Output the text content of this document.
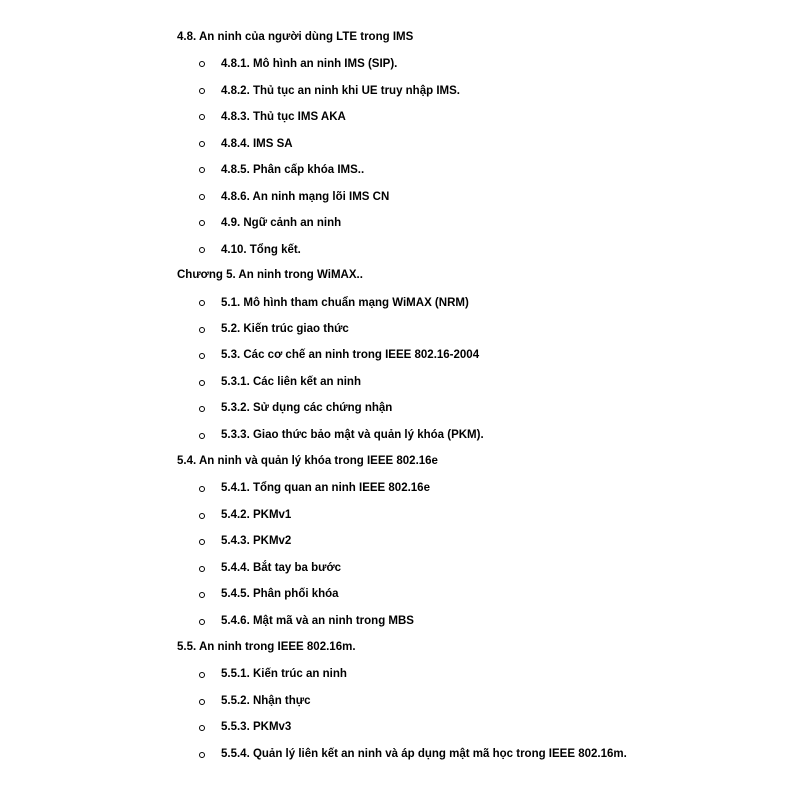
4.8. An ninh của người dùng LTE trong IMS
4.8.1. Mô hình an ninh IMS (SIP).
4.8.2. Thủ tục an ninh khi UE truy nhập IMS.
4.8.3. Thủ tục IMS AKA
4.8.4. IMS SA
4.8.5. Phân cấp khóa IMS..
4.8.6. An ninh mạng lõi IMS CN
4.9. Ngữ cảnh an ninh
4.10. Tổng kết.
Chương 5. An ninh trong WiMAX..
5.1. Mô hình tham chuẩn mạng WiMAX (NRM)
5.2. Kiến trúc giao thức
5.3. Các cơ chế an ninh trong IEEE 802.16-2004
5.3.1. Các liên kết an ninh
5.3.2. Sử dụng các chứng nhận
5.3.3. Giao thức bảo mật và quản lý khóa (PKM).
5.4. An ninh và quản lý khóa trong IEEE 802.16e
5.4.1. Tổng quan an ninh IEEE 802.16e
5.4.2. PKMv1
5.4.3. PKMv2
5.4.4. Bắt tay ba bước
5.4.5. Phân phối khóa
5.4.6. Mật mã và an ninh trong MBS
5.5. An ninh trong IEEE 802.16m.
5.5.1. Kiến trúc an ninh
5.5.2. Nhận thực
5.5.3. PKMv3
5.5.4. Quản lý liên kết an ninh và áp dụng mật mã học trong IEEE 802.16m.
